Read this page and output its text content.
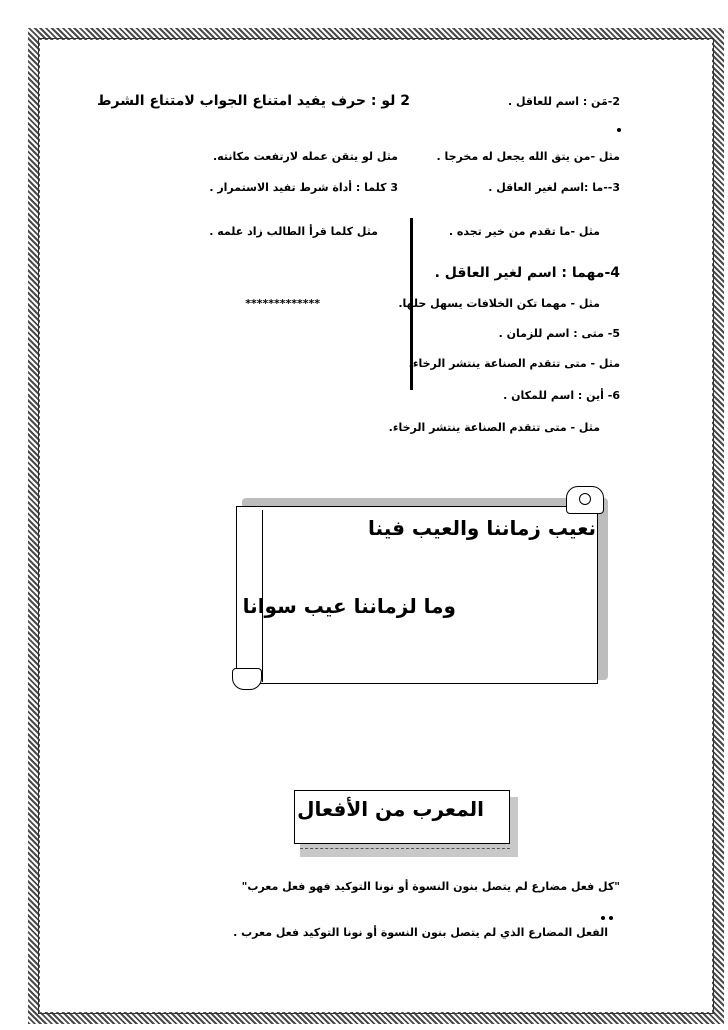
2-مَن : اسم للعاقل .
2 لو : حرف يفيد امتناع الجواب لامتناع الشرط
مثل -من يتق الله يجعل له مخرجا .
مثل لو يتقن عمله لارتفعت مكانته.
3--ما :اسم لغير العاقل .
3 كلما : أداة شرط تفيد الاستمرار .
مثل -ما تقدم من خير تجده .
مثل كلما قرأ الطالب زاد علمه .
4-مهما : اسم لغير العاقل .
مثل - مهما تكن الخلافات يسهل حلها.
*************
5- متى : اسم للزمان .
مثل - متى تتقدم الصناعة ينتشر الرخاء.
6- أين : اسم للمكان .
مثل - متى تتقدم الصناعة ينتشر الرخاء.
نعيب زماننا والعيب فينا
وما لزماننا عيب سوانا
المعرب من الأفعال
"كل فعل مضارع لم يتصل بنون النسوة أو نونا التوكيد فهو فعل معرب"
الفعل المضارع الذي لم يتصل بنون النسوة أو نونا التوكيد فعل معرب .
